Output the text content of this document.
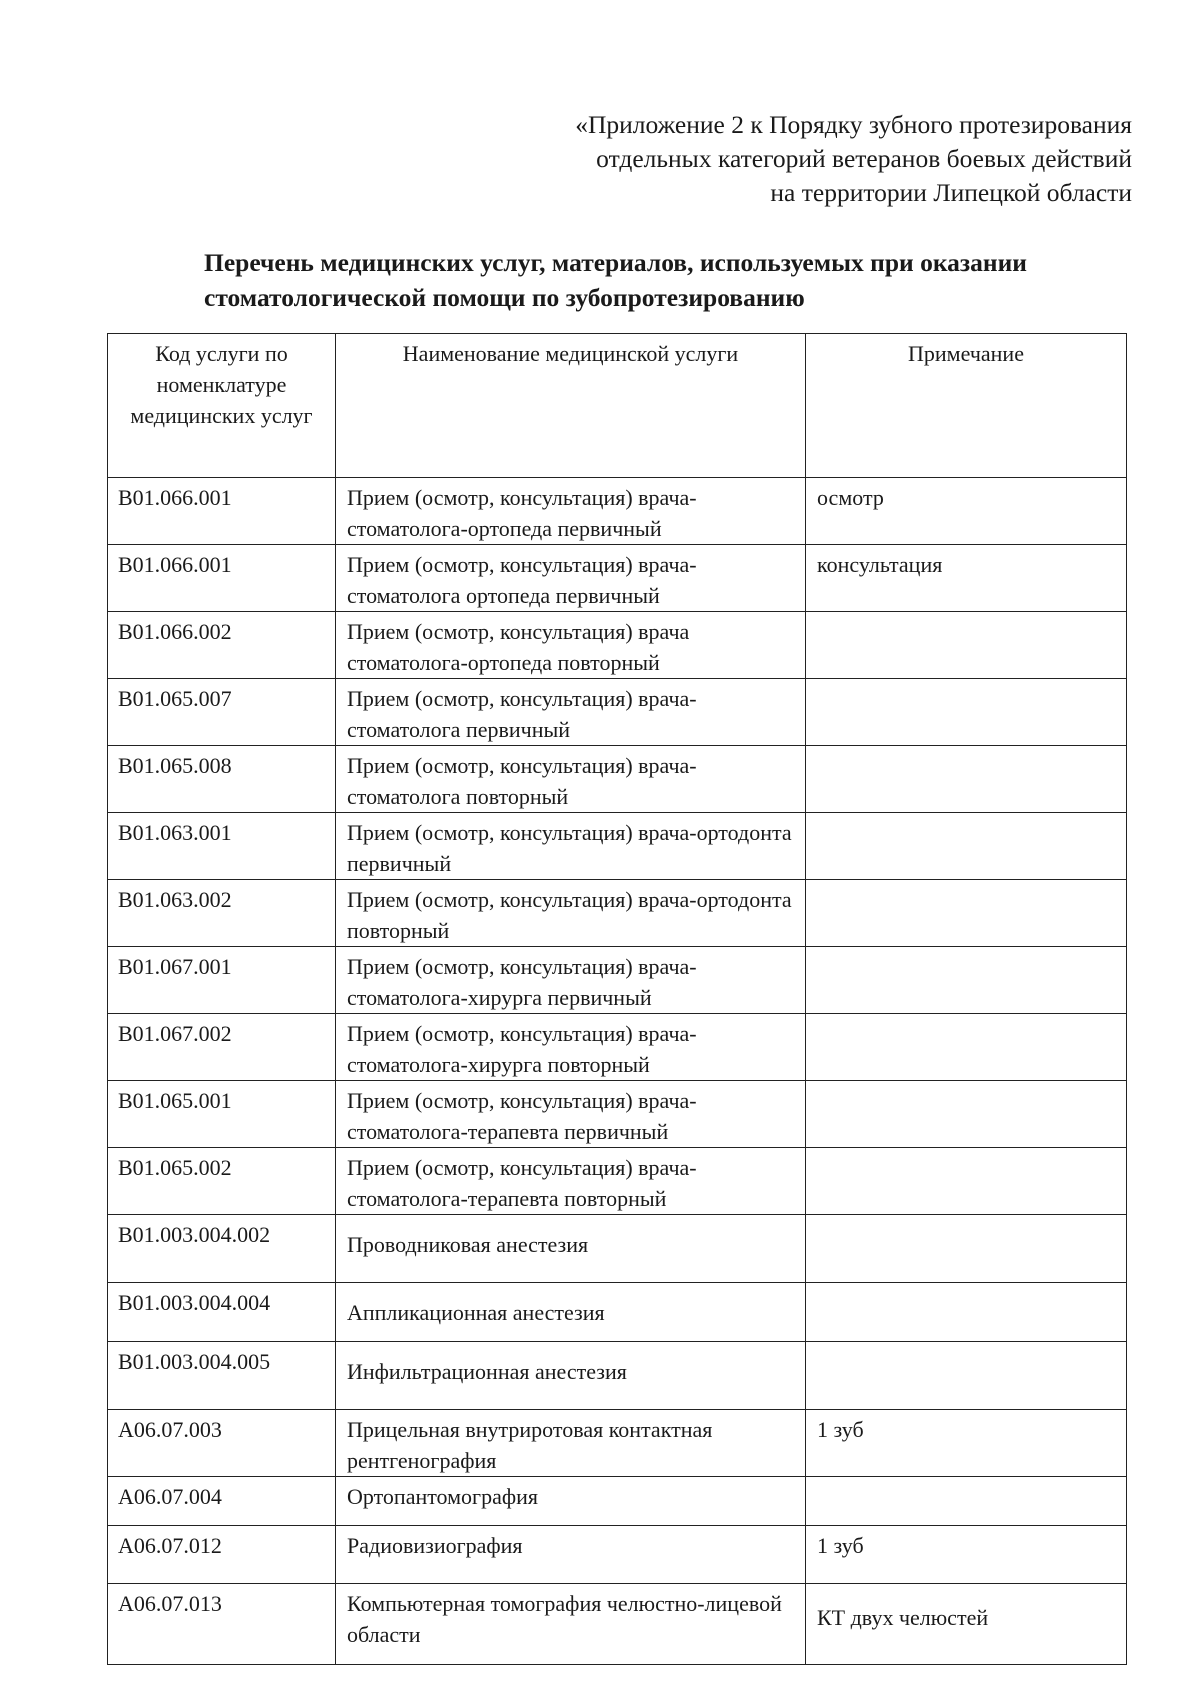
«Приложение 2 к Порядку зубного протезирования
отдельных категорий ветеранов боевых действий
на территории Липецкой области
Перечень медицинских услуг, материалов, используемых при оказании
стоматологической помощи по зубопротезированию
Код услуги по номенклатуре медицинских услуг	Наименование медицинской услуги	Примечание
B01.066.001	Прием (осмотр, консультация) врача-стоматолога-ортопеда первичный	осмотр
B01.066.001	Прием (осмотр, консультация) врача-стоматолога ортопеда первичный	консультация
B01.066.002	Прием (осмотр, консультация) врача стоматолога-ортопеда повторный	
B01.065.007	Прием (осмотр, консультация) врача-стоматолога первичный	
B01.065.008	Прием (осмотр, консультация) врача-стоматолога повторный	
B01.063.001	Прием (осмотр, консультация) врача-ортодонта первичный	
B01.063.002	Прием (осмотр, консультация) врача-ортодонта повторный	
B01.067.001	Прием (осмотр, консультация) врача-стоматолога-хирурга первичный	
B01.067.002	Прием (осмотр, консультация) врача-стоматолога-хирурга повторный	
B01.065.001	Прием (осмотр, консультация) врача-стоматолога-терапевта первичный	
B01.065.002	Прием (осмотр, консультация) врача-стоматолога-терапевта повторный	
B01.003.004.002	Проводниковая анестезия	
B01.003.004.004	Аппликационная анестезия	
B01.003.004.005	Инфильтрационная анестезия	
A06.07.003	Прицельная внутриротовая контактная рентгенография	1 зуб
A06.07.004	Ортопантомография	
A06.07.012	Радиовизиография	1 зуб
A06.07.013	Компьютерная томография челюстно-лицевой области	КТ двух челюстей
